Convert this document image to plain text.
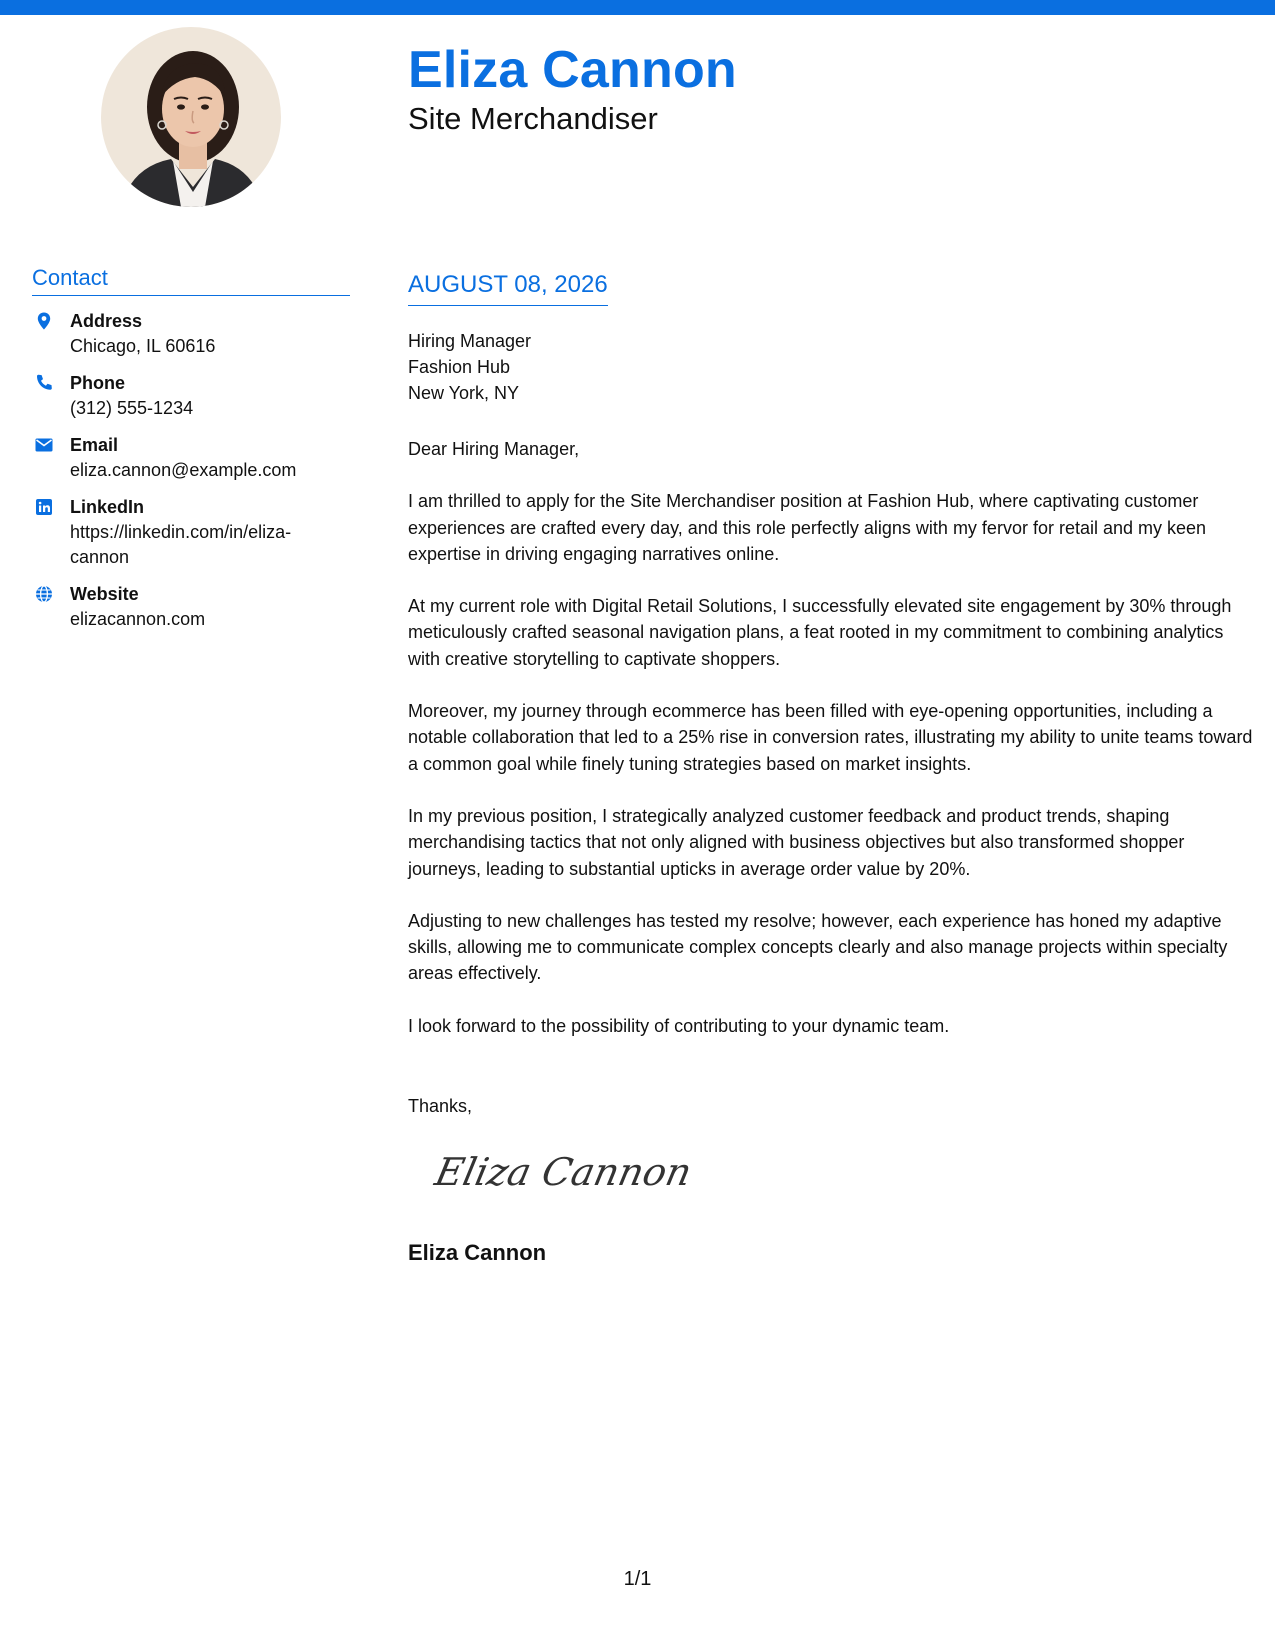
Eliza Cannon
Site Merchandiser
Contact
Address
Chicago, IL 60616
Phone
(312) 555-1234
Email
eliza.cannon@example.com
LinkedIn
https://linkedin.com/in/eliza-cannon
Website
elizacannon.com
AUGUST 08, 2026
Hiring Manager
Fashion Hub
New York, NY

Dear Hiring Manager,

I am thrilled to apply for the Site Merchandiser position at Fashion Hub, where captivating customer experiences are crafted every day, and this role perfectly aligns with my fervor for retail and my keen expertise in driving engaging narratives online.

At my current role with Digital Retail Solutions, I successfully elevated site engagement by 30% through meticulously crafted seasonal navigation plans, a feat rooted in my commitment to combining analytics with creative storytelling to captivate shoppers.

Moreover, my journey through ecommerce has been filled with eye-opening opportunities, including a notable collaboration that led to a 25% rise in conversion rates, illustrating my ability to unite teams toward a common goal while finely tuning strategies based on market insights.

In my previous position, I strategically analyzed customer feedback and product trends, shaping merchandising tactics that not only aligned with business objectives but also transformed shopper journeys, leading to substantial upticks in average order value by 20%.

Adjusting to new challenges has tested my resolve; however, each experience has honed my adaptive skills, allowing me to communicate complex concepts clearly and also manage projects within specialty areas effectively.

I look forward to the possibility of contributing to your dynamic team.

Thanks,
Eliza Cannon
Eliza Cannon
1/1
